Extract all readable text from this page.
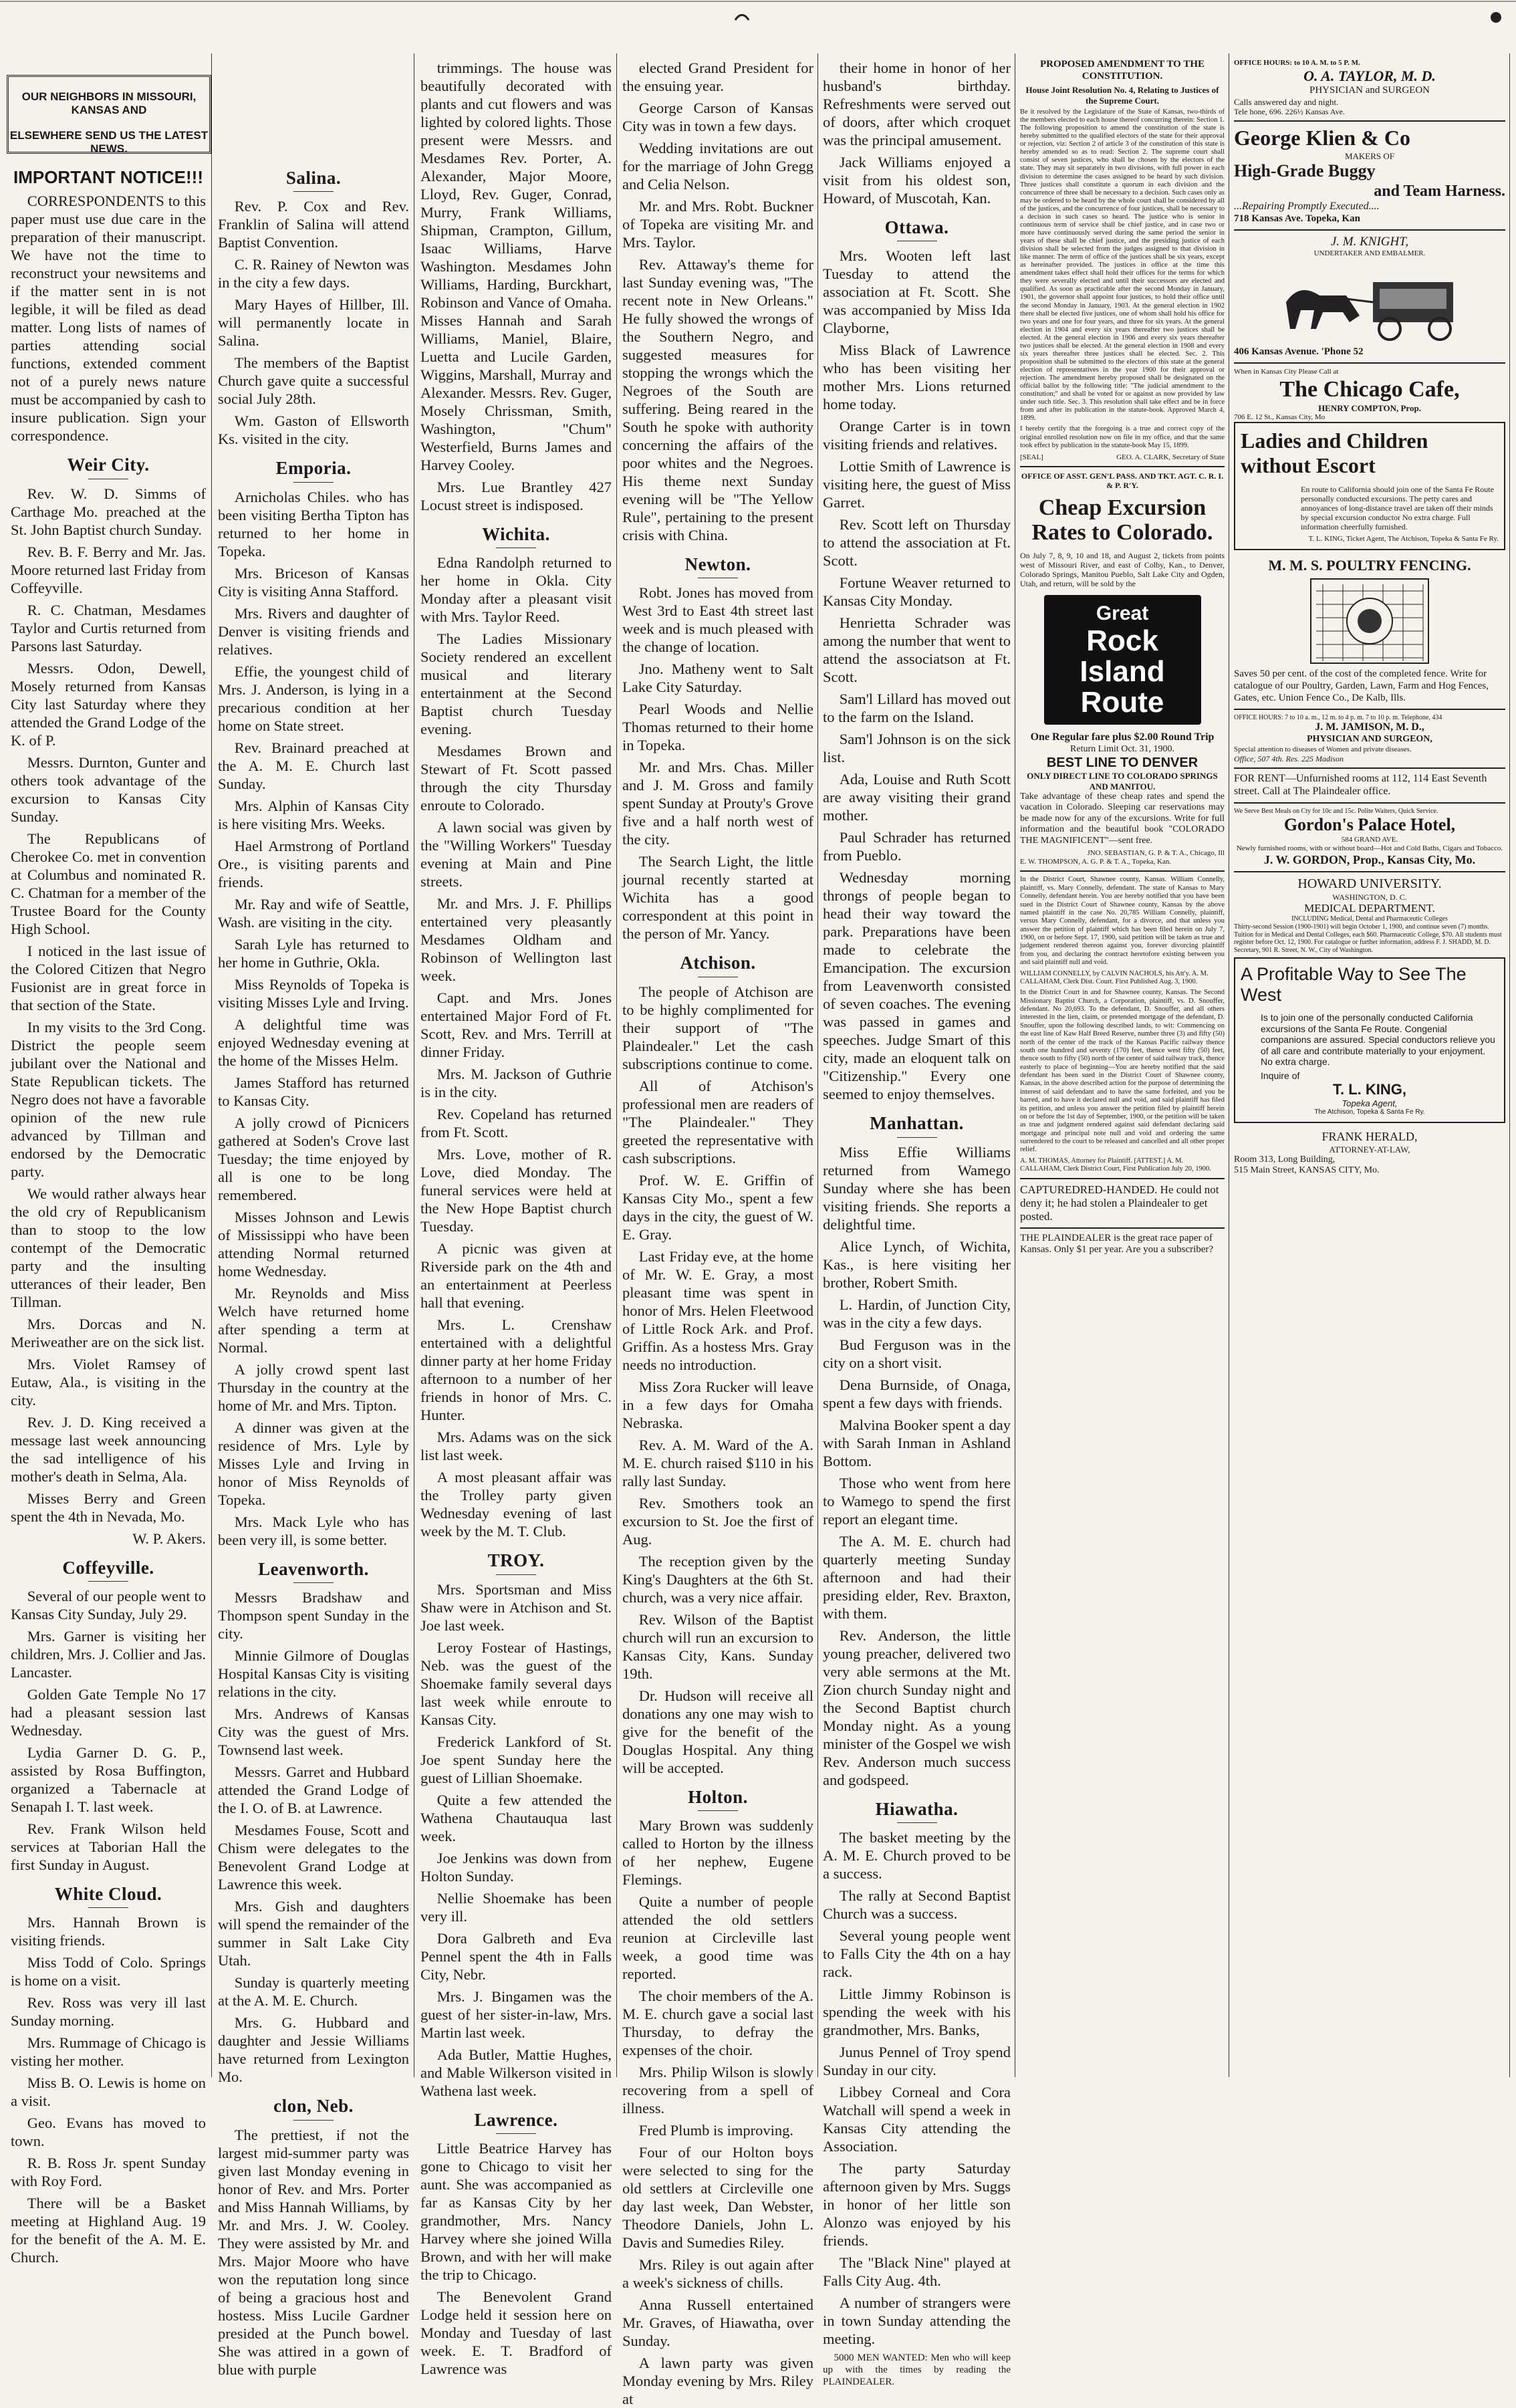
OUR NEIGHBORS IN MISSOURI, KANSAS AND
ELSEWHERE SEND US THE LATEST NEWS.
IMPORTANT NOTICE!!!

CORRESPONDENTS to this paper must use due care in the preparation of their manuscript. We have not the time to reconstruct your newsitems and if the matter sent in is not legible, it will be filed as dead matter. Long lists of names of parties attending social functions, extended comment not of a purely news nature must be accompanied by cash to insure publication. Sign your correspondence.

Weir City.

Rev. W. D. Simms of Carthage Mo. preached at the St. John Baptist church Sunday.

Rev. B. F. Berry and Mr. Jas. Moore returned last Friday from Coffeyville.

R. C. Chatman, Mesdames Taylor and Curtis returned from Parsons last Saturday.

Messrs. Odon, Dewell, Mosely returned from Kansas City last Saturday where they attended the Grand Lodge of the K. of P.

Messrs. Durnton, Gunter and others took advantage of the excursion to Kansas City Sunday.

The Republicans of Cherokee Co. met in convention at Columbus and nominated R. C. Chatman for a member of the Trustee Board for the County High School.

I noticed in the last issue of the Colored Citizen that Negro Fusionist are in great force in that section of the State.

In my visits to the 3rd Cong. District the people seem jubilant over the National and State Republican tickets. The Negro does not have a favorable opinion of the new rule advanced by Tillman and endorsed by the Democratic party.

We would rather always hear the old cry of Republicanism than to stoop to the low contempt of the Democratic party and the insulting utterances of their leader, Ben Tillman.

Mrs. Dorcas and N. Meriweather are on the sick list.

Mrs. Violet Ramsey of Eutaw, Ala., is visiting in the city.

Rev. J. D. King received a message last week announcing the sad intelligence of his mother's death in Selma, Ala.

Misses Berry and Green spent the 4th in Nevada, Mo.

W. P. Akers.
Coffeyville.

Several of our people went to Kansas City Sunday, July 29.

Mrs. Garner is visiting her children, Mrs. J. Collier and Jas. Lancaster.

Golden Gate Temple No 17 had a pleasant session last Wednesday.

Lydia Garner D. G. P., assisted by Rosa Buffington, organized a Tabernacle at Senapah I. T. last week.

Rev. Frank Wilson held services at Taborian Hall the first Sunday in August.

White Cloud.

Mrs. Hannah Brown is visiting friends.

Miss Todd of Colo. Springs is home on a visit.

Rev. Ross was very ill last Sunday morning.

Mrs. Rummage of Chicago is visting her mother.

Miss B. O. Lewis is home on a visit.

Geo. Evans has moved to town.

R. B. Ross Jr. spent Sunday with Roy Ford.

There will be a Basket meeting at Highland Aug. 19 for the benefit of the A. M. E. Church.

Salina.

Rev. P. Cox and Rev. Franklin of Salina will attend Baptist Convention.

C. R. Rainey of Newton was in the city a few days.

Mary Hayes of Hillber, Ill. will permanently locate in Salina.

The members of the Baptist Church gave quite a successful social July 28th.

Wm. Gaston of Ellsworth Ks. visited in the city.

Emporia.

Arnicholas Chiles. who has been visiting Bertha Tipton has returned to her home in Topeka.

Mrs. Briceson of Kansas City is visiting Anna Stafford.

Mrs. Rivers and daughter of Denver is visiting friends and relatives.

Effie, the youngest child of Mrs. J. Anderson, is lying in a precarious condition at her home on State street.

Rev. Brainard preached at the A. M. E. Church last Sunday.

Mrs. Alphin of Kansas City is here visiting Mrs. Weeks.

Hael Armstrong of Portland Ore., is visiting parents and friends.

Mr. Ray and wife of Seattle, Wash. are visiting in the city.

Sarah Lyle has returned to her home in Guthrie, Okla.

Miss Reynolds of Topeka is visiting Misses Lyle and Irving.

A delightful time was enjoyed Wednesday evening at the home of the Misses Helm.

James Stafford has returned to Kansas City.

A jolly crowd of Picnicers gathered at Soden's Crove last Tuesday; the time enjoyed by all is one to be long remembered.

Misses Johnson and Lewis of Mississippi who have been attending Normal returned home Wednesday.

Mr. Reynolds and Miss Welch have returned home after spending a term at Normal.

A jolly crowd spent last Thursday in the country at the home of Mr. and Mrs. Tipton.

A dinner was given at the residence of Mrs. Lyle by Misses Lyle and Irving in honor of Miss Reynolds of Topeka.

Mrs. Mack Lyle who has been very ill, is some better.

Leavenworth.

Messrs Bradshaw and Thompson spent Sunday in the city.

Minnie Gilmore of Douglas Hospital Kansas City is visiting relations in the city.

Mrs. Andrews of Kansas City was the guest of Mrs. Townsend last week.

Messrs. Garret and Hubbard attended the Grand Lodge of the I. O. of B. at Lawrence.

Mesdames Fouse, Scott and Chism were delegates to the Benevolent Grand Lodge at Lawrence this week.

Mrs. Gish and daughters will spend the remainder of the summer in Salt Lake City Utah.

Sunday is quarterly meeting at the A. M. E. Church.

Mrs. G. Hubbard and daughter and Jessie Williams have returned from Lexington Mo.

clon, Neb.

The prettiest, if not the largest mid-summer party was given last Monday evening in honor of Rev. and Mrs. Porter and Miss Hannah Williams, by Mr. and Mrs. J. W. Cooley. They were assisted by Mr. and Mrs. Major Moore who have won the reputation long since of being a gracious host and hostess. Miss Lucile Gardner presided at the Punch bowel. She was attired in a gown of blue with purple

trimmings. The house was beautifully decorated with plants and cut flowers and was lighted by colored lights. Those present were Messrs. and Mesdames Rev. Porter, A. Alexander, Major Moore, Lloyd, Rev. Guger, Conrad, Murry, Frank Williams, Shipman, Crampton, Gillum, Isaac Williams, Harve Washington. Mesdames John Williams, Harding, Burckhart, Robinson and Vance of Omaha. Misses Hannah and Sarah Williams, Maniel, Blaire, Luetta and Lucile Garden, Wiggins, Marshall, Murray and Alexander. Messrs. Rev. Guger, Mosely Chrissman, Smith, Washington, "Chum" Westerfield, Burns James and Harvey Cooley.

Mrs. Lue Brantley 427 Locust street is indisposed.

Wichita.

Edna Randolph returned to her home in Okla. City Monday after a pleasant visit with Mrs. Taylor Reed.

The Ladies Missionary Society rendered an excellent musical and literary entertainment at the Second Baptist church Tuesday evening.

Mesdames Brown and Stewart of Ft. Scott passed through the city Thursday enroute to Colorado.

A lawn social was given by the "Willing Workers" Tuesday evening at Main and Pine streets.

Mr. and Mrs. J. F. Phillips entertained very pleasantly Mesdames Oldham and Robinson of Wellington last week.

Capt. and Mrs. Jones entertained Major Ford of Ft. Scott, Rev. and Mrs. Terrill at dinner Friday.

Mrs. M. Jackson of Guthrie is in the city.

Rev. Copeland has returned from Ft. Scott.

Mrs. Love, mother of R. Love, died Monday. The funeral services were held at the New Hope Baptist church Tuesday.

A picnic was given at Riverside park on the 4th and an entertainment at Peerless hall that evening.

Mrs. L. Crenshaw entertained with a delightful dinner party at her home Friday afternoon to a number of her friends in honor of Mrs. C. Hunter.

Mrs. Adams was on the sick list last week.

A most pleasant affair was the Trolley party given Wednesday evening of last week by the M. T. Club.

TROY.

Mrs. Sportsman and Miss Shaw were in Atchison and St. Joe last week.

Leroy Fostear of Hastings, Neb. was the guest of the Shoemake family several days last week while enroute to Kansas City.

Frederick Lankford of St. Joe spent Sunday here the guest of Lillian Shoemake.

Quite a few attended the Wathena Chautauqua last week.

Joe Jenkins was down from Holton Sunday.

Nellie Shoemake has been very ill.

Dora Galbreth and Eva Pennel spent the 4th in Falls City, Nebr.

Mrs. J. Bingamen was the guest of her sister-in-law, Mrs. Martin last week.

Ada Butler, Mattie Hughes, and Mable Wilkerson visited in Wathena last week.

Lawrence.

Little Beatrice Harvey has gone to Chicago to visit her aunt. She was accompanied as far as Kansas City by her grandmother, Mrs. Nancy Harvey where she joined Willa Brown, and with her will make the trip to Chicago.

The Benevolent Grand Lodge held it session here on Monday and Tuesday of last week. E. T. Bradford of Lawrence was

elected Grand President for the ensuing year.

George Carson of Kansas City was in town a few days.

Wedding invitations are out for the marriage of John Gregg and Celia Nelson.

Mr. and Mrs. Robt. Buckner of Topeka are visiting Mr. and Mrs. Taylor.

Rev. Attaway's theme for last Sunday evening was, "The recent note in New Orleans." He fully showed the wrongs of the Southern Negro, and suggested measures for stopping the wrongs which the Negroes of the South are suffering. Being reared in the South he spoke with authority concerning the affairs of the poor whites and the Negroes. His theme next Sunday evening will be "The Yellow Rule", pertaining to the present crisis with China.

Newton.

Robt. Jones has moved from West 3rd to East 4th street last week and is much pleased with the change of location.

Jno. Matheny went to Salt Lake City Saturday.

Pearl Woods and Nellie Thomas returned to their home in Topeka.

Mr. and Mrs. Chas. Miller and J. M. Gross and family spent Sunday at Prouty's Grove five and a half north west of the city.

The Search Light, the little journal recently started at Wichita has a good correspondent at this point in the person of Mr. Yancy.

Atchison.

The people of Atchison are to be highly complimented for their support of "The Plaindealer." Let the cash subscriptions continue to come.

All of Atchison's professional men are readers of "The Plaindealer." They greeted the representative with cash subscriptions.

Prof. W. E. Griffin of Kansas City Mo., spent a few days in the city, the guest of W. E. Gray.

Last Friday eve, at the home of Mr. W. E. Gray, a most pleasant time was spent in honor of Mrs. Helen Fleetwood of Little Rock Ark. and Prof. Griffin. As a hostess Mrs. Gray needs no introduction.

Miss Zora Rucker will leave in a few days for Omaha Nebraska.

Rev. A. M. Ward of the A. M. E. church raised $110 in his rally last Sunday.

Rev. Smothers took an excursion to St. Joe the first of Aug.

The reception given by the King's Daughters at the 6th St. church, was a very nice affair.

Rev. Wilson of the Baptist church will run an excursion to Kansas City, Kans. Sunday 19th.

Dr. Hudson will receive all donations any one may wish to give for the benefit of the Douglas Hospital. Any thing will be accepted.

Holton.

Mary Brown was suddenly called to Horton by the illness of her nephew, Eugene Flemings.

Quite a number of people attended the old settlers reunion at Circleville last week, a good time was reported.

The choir members of the A. M. E. church gave a social last Thursday, to defray the expenses of the choir.

Mrs. Philip Wilson is slowly recovering from a spell of illness.

Fred Plumb is improving.

Four of our Holton boys were selected to sing for the old settlers at Circleville one day last week, Dan Webster, Theodore Daniels, John L. Davis and Sumedies Riley.

Mrs. Riley is out again after a week's sickness of chills.

Anna Russell entertained Mr. Graves, of Hiawatha, over Sunday.

A lawn party was given Monday evening by Mrs. Riley at

their home in honor of her husband's birthday. Refreshments were served out of doors, after which croquet was the principal amusement.

Jack Williams enjoyed a visit from his oldest son, Howard, of Muscotah, Kan.

Ottawa.

Mrs. Wooten left last Tuesday to attend the association at Ft. Scott. She was accompanied by Miss Ida Clayborne,

Miss Black of Lawrence who has been visiting her mother Mrs. Lions returned home today.

Orange Carter is in town visiting friends and relatives.

Lottie Smith of Lawrence is visiting here, the guest of Miss Garret.

Rev. Scott left on Thursday to attend the association at Ft. Scott.

Fortune Weaver returned to Kansas City Monday.

Henrietta Schrader was among the number that went to attend the associatson at Ft. Scott.

Sam'l Lillard has moved out to the farm on the Island.

Sam'l Johnson is on the sick list.

Ada, Louise and Ruth Scott are away visiting their grand mother.

Paul Schrader has returned from Pueblo.

Wednesday morning throngs of people began to head their way toward the park. Preparations have been made to celebrate the Emancipation. The excursion from Leavenworth consisted of seven coaches. The evening was passed in games and speeches. Judge Smart of this city, made an eloquent talk on "Citizenship." Every one seemed to enjoy themselves.

Manhattan.

Miss Effie Williams returned from Wamego Sunday where she has been visiting friends. She reports a delightful time.

Alice Lynch, of Wichita, Kas., is here visiting her brother, Robert Smith.

L. Hardin, of Junction City, was in the city a few days.

Bud Ferguson was in the city on a short visit.

Dena Burnside, of Onaga, spent a few days with friends.

Malvina Booker spent a day with Sarah Inman in Ashland Bottom.

Those who went from here to Wamego to spend the first report an elegant time.

The A. M. E. church had quarterly meeting Sunday afternoon and had their presiding elder, Rev. Braxton, with them.

Rev. Anderson, the little young preacher, delivered two very able sermons at the Mt. Zion church Sunday night and the Second Baptist church Monday night. As a young minister of the Gospel we wish Rev. Anderson much success and godspeed.

Hiawatha.

The basket meeting by the A. M. E. Church proved to be a success.

The rally at Second Baptist Church was a success.

Several young people went to Falls City the 4th on a hay rack.

Little Jimmy Robinson is spending the week with his grandmother, Mrs. Banks,

Junus Pennel of Troy spend Sunday in our city.

Libbey Corneal and Cora Watchall will spend a week in Kansas City attending the Association.

The party Saturday afternoon given by Mrs. Suggs in honor of her little son Alonzo was enjoyed by his friends.

The "Black Nine" played at Falls City Aug. 4th.

A number of strangers were in town Sunday attending the meeting.

5000 MEN WANTED: Men who will keep up with the times by reading the PLAINDEALER.

PROPOSED AMENDMENT TO THE CONSTITUTION.
House Joint Resolution No. 4, Relating to Justices of the Supreme Court.

Be it resolved by the Legislature of the State of Kansas, two-thirds of the members elected to each house thereof concurring therein: Section 1. The following proposition to amend the constitution of the state is hereby submitted to the qualified electors of the state for their approval or rejection, viz: Section 2 of article 3 of the constitution of this state is hereby amended so as to read: Section 2. The supreme court shall consist of seven justices, who shall be chosen by the electors of the state. They may sit separately in two divisions, with full power in each division to determine the cases assigned to be heard by such division. Three justices shall constitute a quorum in each division and the concurrence of three shall be necessary to a decision. Such cases only as may be ordered to be heard by the whole court shall be considered by all of the justices, and the concurrence of four justices, shall be necessary to a decision in such cases so heard. The justice who is senior in continuous term of service shall be chief justice, and in case two or more have continuously served during the same period the senior in years of these shall be chief justice, and the presiding justice of each division shall be selected from the judges assigned to that division in like manner. The term of office of the justices shall be six years, except as hereinafter provided. The justices in office at the time this amendment takes effect shall hold their offices for the terms for which they were severally elected and until their successors are elected and qualified. As soon as practicable after the second Monday in January, 1901, the governor shall appoint four justices, to hold their office until the second Monday in January, 1903. At the general election in 1902 there shall be elected five justices, one of whom shall hold his office for two years and one for four years, and three for six years. At the general election in 1904 and every six years thereafter two justices shall be elected. At the general election in 1906 and every six years thereafter two justices shall be elected. At the general election in 1908 and every six years thereafter three justices shall be elected. Sec. 2. This proposition shall be submitted to the electors of this state at the general election of representatives in the year 1900 for their approval or rejection. The amendment hereby proposed shall be designated on the official ballot by the following title: "The judicial amendment to the constitution;" and shall be voted for or against as now provided by law under such title. Sec. 3. This resolution shall take effect and be in force from and after its publication in the statute-book. Approved March 4, 1899.

I hereby certify that the foregoing is a true and correct copy of the original enrolled resolution now on file in my office, and that the same took effect by publication in the statute-book May 15, 1899.

[SEAL]	GEO. A. CLARK, Secretary of State
OFFICE OF ASST. GEN'L PASS. AND TKT. AGT. C. R. I. & P. R'Y.
Cheap Excursion Rates to Colorado.

On July 7, 8, 9, 10 and 18, and August 2, tickets from points west of Missouri River, and east of Colby, Kan., to Denver, Colorado Springs, Manitou Pueblo, Salt Lake City and Ogden, Utah, and return, will be sold by the

Great
Rock Island
Route
One Regular fare plus $2.00 Round Trip
Return Limit Oct. 31, 1900.
BEST LINE TO DENVER
ONLY DIRECT LINE TO COLORADO SPRINGS AND MANITOU.

Take advantage of these cheap rates and spend the vacation in Colorado. Sleeping car reservations may be made now for any of the excursions. Write for full information and the beautiful book "COLORADO THE MAGNIFICENT"—sent free.

JNO. SEBASTIAN, G. P. & T. A., Chicago, Ill
E. W. THOMPSON, A. G. P. & T. A., Topeka, Kan.

In the District Court, Shawnee county, Kansas. William Connelly, plaintiff, vs. Mary Connelly, defendant. The state of Kansas to Mary Connelly, defendant herein. You are hereby notified that you have been sued in the District Court of Shawnee county, Kansas by the above named plaintiff in the case No. 20,785 William Connelly, plaintiff, versus Mary Connelly, defendant, for a divorce, and that unless you answer the petition of plaintiff which has been filed herein on July 7, 1900, on or before Sept. 17, 1900, said petition will be taken as true and judgement rendered thereon against you, forever divorcing plaintiff from you, and declaring the contract heretofore existing between you and said plaintiff null and void.

WILLIAM CONNELLY, by CALVIN NACHOLS, his Att'y. A. M. CALLAHAM, Clerk Dist. Court. First Published Aug. 3, 1900.

In the District Court in and for Shawnee county, Kansas. The Second Missionary Baptist Church, a Corporation, plaintiff, vs. D. Snouffer, defendant. No 20,693. To the defendant, D. Snouffer, and all others interested in the lien, claim, or pretended mortgage of the defendant, D. Snouffer, upon the following described lands, to wit: Commencing on the east line of Kaw Half Breed Reserve, number three (3) and fifty (50) north of the center of the track of the Kansas Pacific railway thence south one hundred and seventy (170) feet, thence west fifty (50) feet, thence south to fifty (50) north of the center of said railway track, thence easterly to place of beginning—You are hereby notified that the said defendant has been sued in the District Court of Shawnee county, Kansas, in the above described action for the purpose of determining the interest of said defendant and to have the same forfeited, and you be barred, and to have it declared null and void, and said plaintiff has filed its petition, and unless you answer the petition filed by plaintiff herein on or before the 1st day of September, 1900, or the petition will be taken as true and judgment rendered against said defendant declaring said mortgage and principal note null and void and ordering the same surrendered to the court to be released and cancelled and all other proper relief.

A. M. THOMAS, Attorney for Plaintiff. [ATTEST.] A. M. CALLAHAM, Clerk District Court, First Publication July 20, 1900.

CAPTUREDRED-HANDED. He could not deny it; he had stolen a Plaindealer to get posted.

THE PLAINDEALER is the great race paper of Kansas. Only $1 per year. Are you a subscriber?

OFFICE HOURS: to 10 A. M. to 5 P. M.
O. A. TAYLOR, M. D.
PHYSICIAN and SURGEON
Calls answered day and night.
Tele hone, 696. 226½ Kansas Ave.
George Klien & Co
MAKERS OF
High-Grade Buggy
and Team Harness.
...Repairing Promptly Executed....
718 Kansas Ave. Topeka, Kan
J. M. KNIGHT,
UNDERTAKER AND EMBALMER.
406 Kansas Avenue. 'Phone 52
When in Kansas City Please Call at
The Chicago Cafe,
HENRY COMPTON, Prop.
706 E. 12 St., Kansas City, Mo
Ladies and Children without Escort

En route to California should join one of the Santa Fe Route personally conducted excursions. The petty cares and annoyances of long-distance travel are taken off their minds by special excursion conductor No extra charge. Full information cheerfully furnished.

T. L. KING, Ticket Agent, The Atchison, Topeka & Santa Fe Ry.
M. M. S. POULTRY FENCING.

Saves 50 per cent. of the cost of the completed fence. Write for catalogue of our Poultry, Garden, Lawn, Farm and Hog Fences, Gates, etc. Union Fence Co., De Kalb, Ills.

OFFICE HOURS: 7 to 10 a. m., 12 m. to 4 p. m. 7 to 10 p. m. Telephone, 434
J. M. JAMISON, M. D.,
PHYSICIAN AND SURGEON,
Special attention to diseases of Women and private diseases.
Office, 507 4th. Res. 225 Madison

FOR RENT—Unfurnished rooms at 112, 114 East Seventh street. Call at The Plaindealer office.

We Serve Best Meals on Cty for 10c and 15c. Polite Waiters, Quick Service.
Gordon's Palace Hotel,
584 GRAND AVE.
Newly furnished rooms, with or without board—Hot and Cold Baths, Cigars and Tobacco.
J. W. GORDON, Prop., Kansas City, Mo.
HOWARD UNIVERSITY.
WASHINGTON, D. C.
MEDICAL DEPARTMENT.
INCLUDING Medical, Dental and Pharmaceutic Colleges

Thirty-second Session (1900-1901) will begin October 1, 1900, and continue seven (7) months. Tuition for in Medical and Dental Colleges, each $60. Pharmaceutic College, $70. All students must register before Oct. 12, 1900. For catalogue or further information, address F. J. SHADD, M. D. Secretary, 901 R. Street, N. W., City of Washington.

A Profitable Way to See The West

Is to join one of the personally conducted California excursions of the Santa Fe Route. Congenial companions are assured. Special conductors relieve you of all care and contribute materially to your enjoyment. No extra charge.

Inquire of
T. L. KING,
Topeka Agent,
The Atchison, Topeka & Santa Fe Ry.
FRANK HERALD,
ATTORNEY-AT-LAW,
Room 313, Long Building,
515 Main Street, KANSAS CITY, Mo.
